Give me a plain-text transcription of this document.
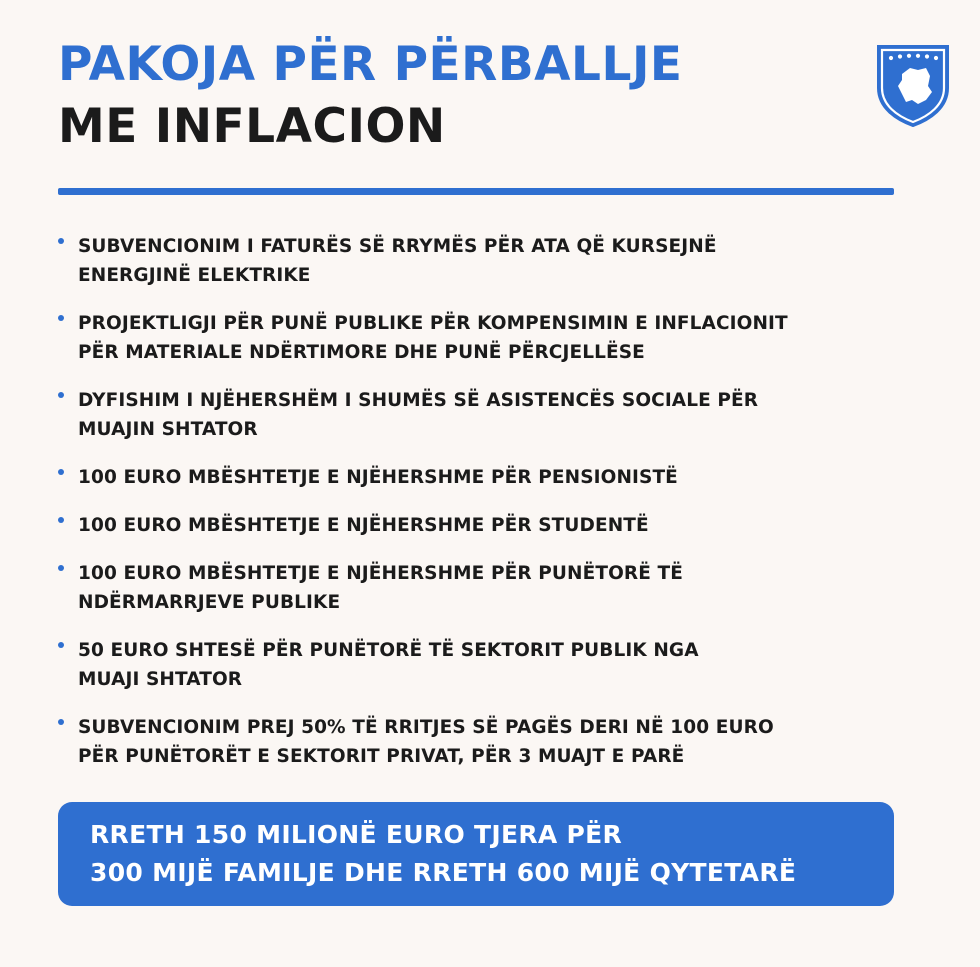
PAKOJA PËR PËRBALLJE
ME INFLACION
SUBVENCIONIM I FATURËS SË RRYMËS PËR ATA QË KURSEJNË
ENERGJINË ELEKTRIKE
PROJEKTLIGJI PËR PUNË PUBLIKE PËR KOMPENSIMIN E INFLACIONIT
PËR MATERIALE NDËRTIMORE DHE PUNË PËRCJELLËSE
DYFISHIM I NJËHERSHËM I SHUMËS SË ASISTENCËS SOCIALE PËR
MUAJIN SHTATOR
100 EURO MBËSHTETJE E NJËHERSHME PËR PENSIONISTË
100 EURO MBËSHTETJE E NJËHERSHME PËR STUDENTË
100 EURO MBËSHTETJE E NJËHERSHME PËR PUNËTORË TË
NDËRMARRJEVE PUBLIKE
50 EURO SHTESË PËR PUNËTORË TË SEKTORIT PUBLIK NGA
MUAJI SHTATOR
SUBVENCIONIM PREJ 50% TË RRITJES SË PAGËS DERI NË 100 EURO
PËR PUNËTORËT E SEKTORIT PRIVAT, PËR 3 MUAJT E PARË
RRETH 150 MILIONË EURO TJERA PËR
300 MIJË FAMILJE DHE RRETH 600 MIJË QYTETARË
